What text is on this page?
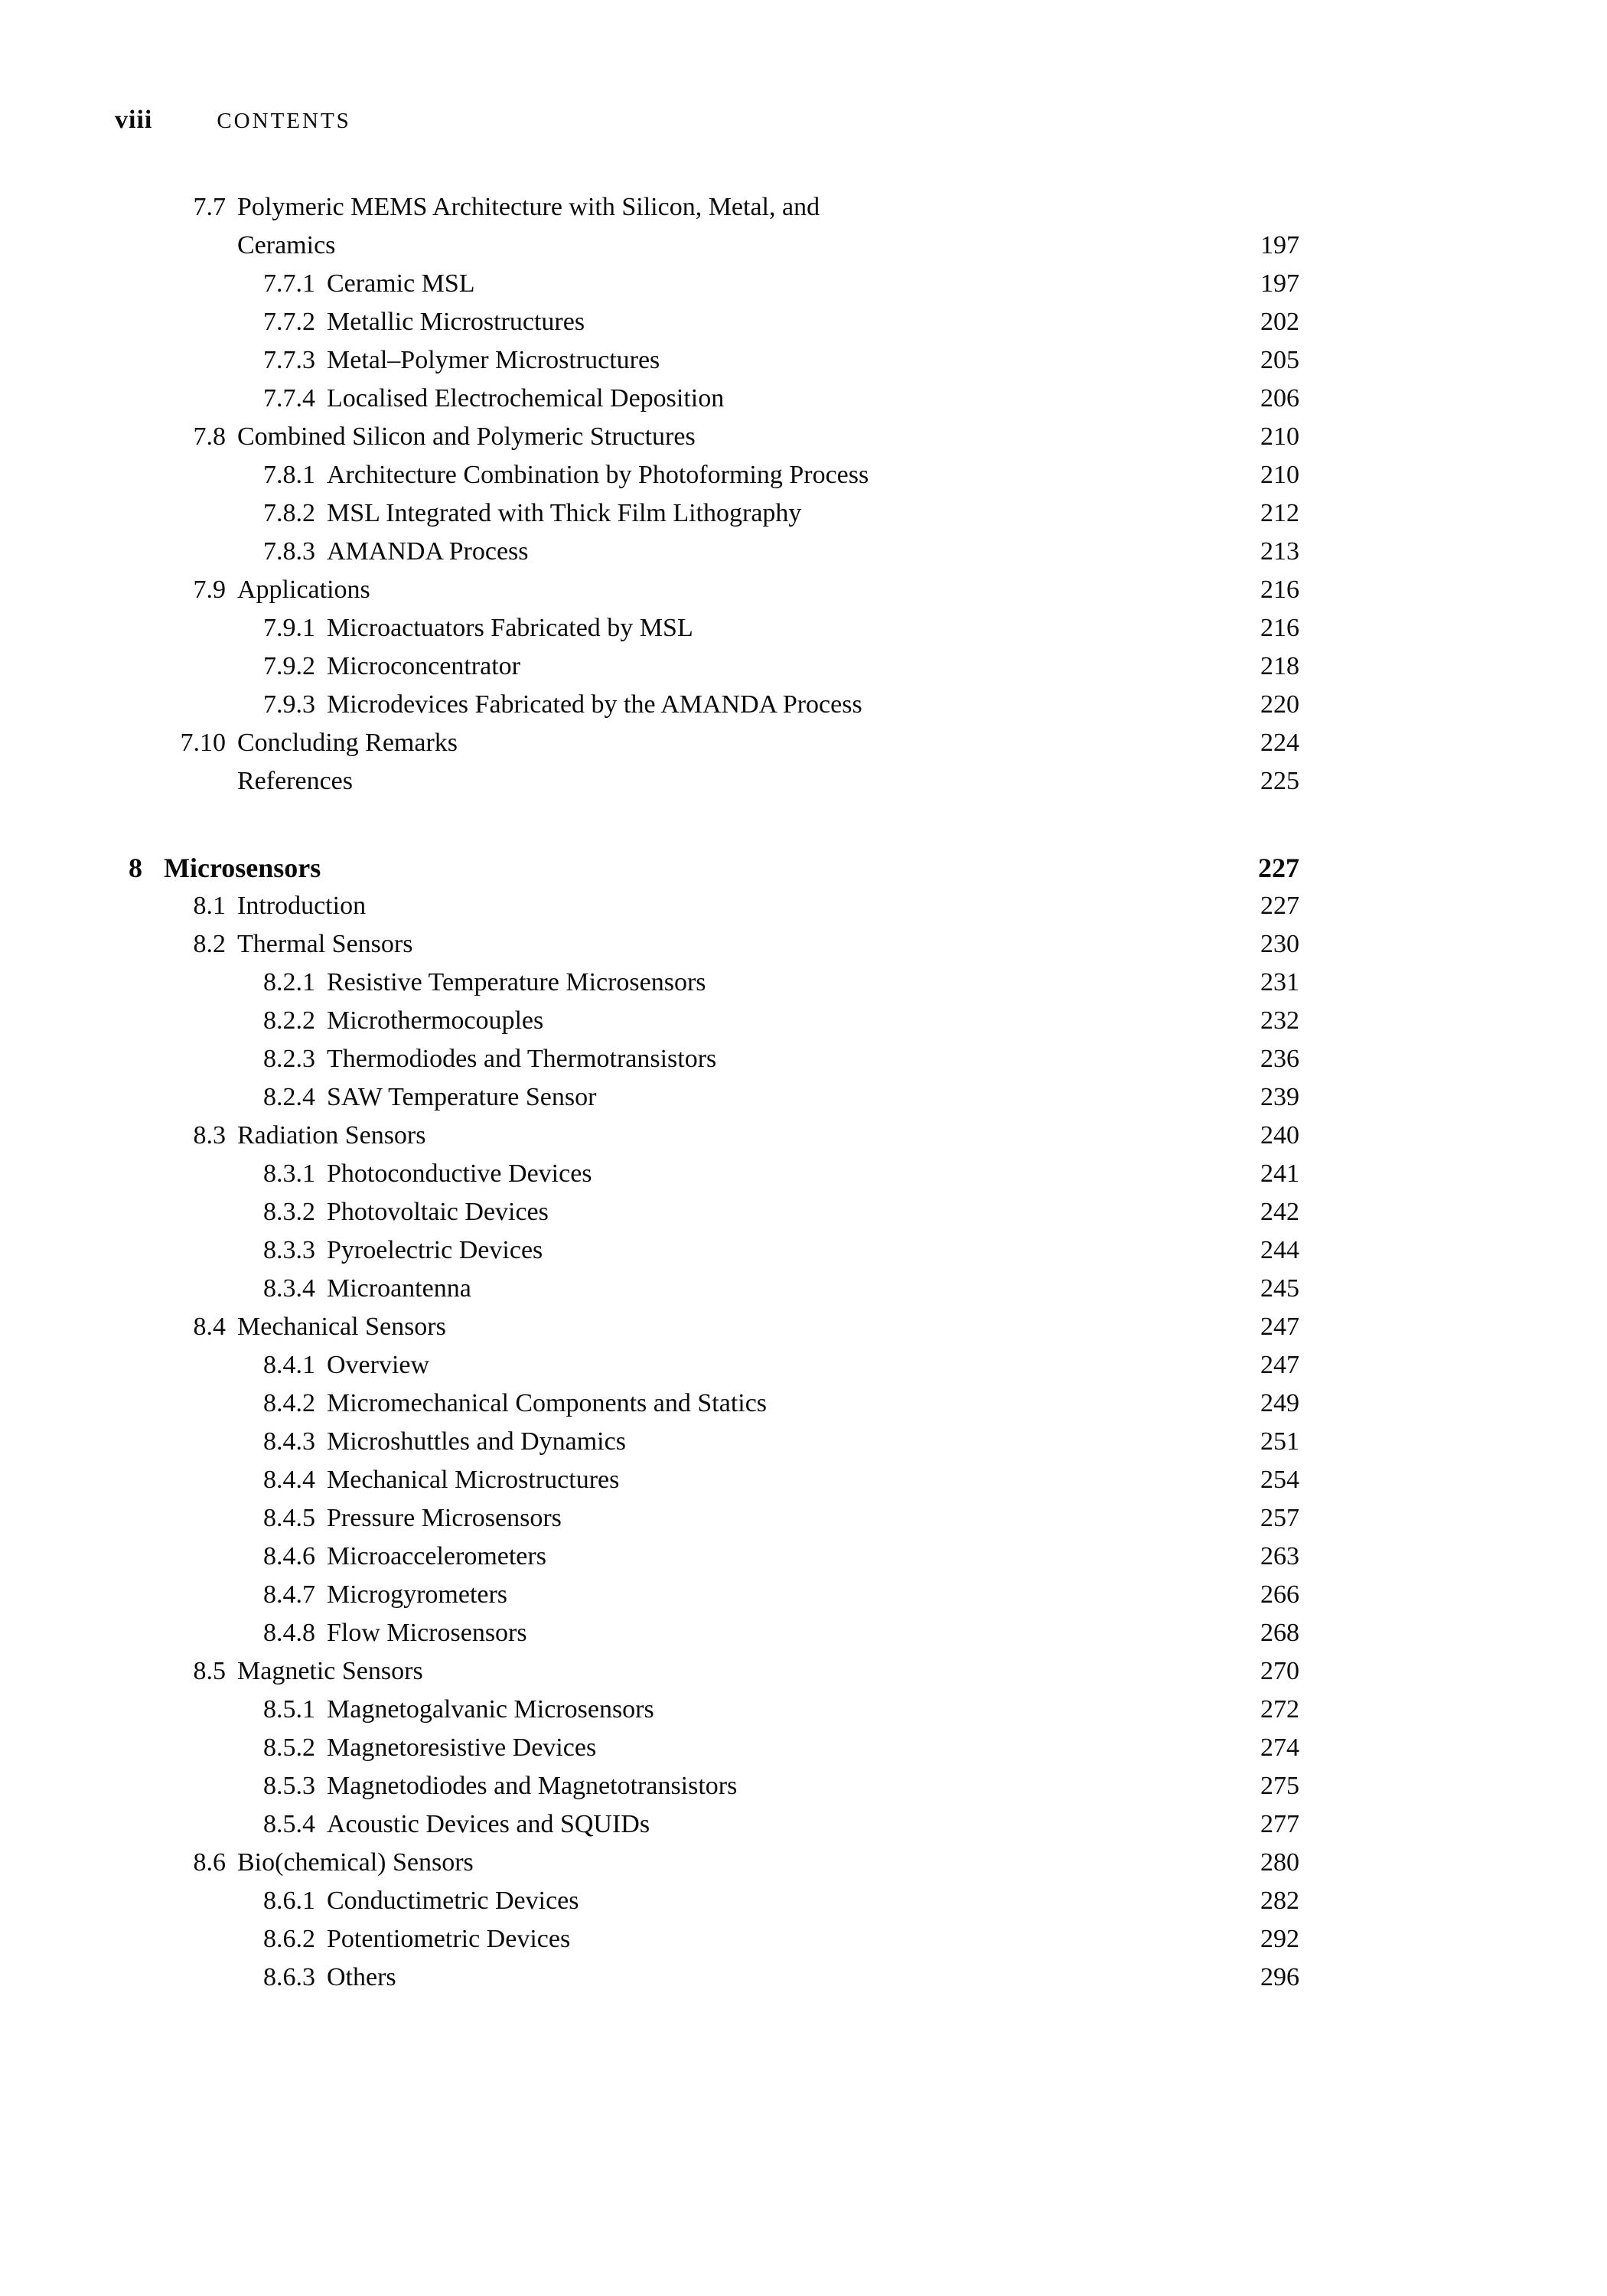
viii	CONTENTS
7.7 Polymeric MEMS Architecture with Silicon, Metal, and
Ceramics	197
7.7.1 Ceramic MSL	197
7.7.2 Metallic Microstructures	202
7.7.3 Metal–Polymer Microstructures	205
7.7.4 Localised Electrochemical Deposition	206
7.8 Combined Silicon and Polymeric Structures	210
7.8.1 Architecture Combination by Photoforming Process	210
7.8.2 MSL Integrated with Thick Film Lithography	212
7.8.3 AMANDA Process	213
7.9 Applications	216
7.9.1 Microactuators Fabricated by MSL	216
7.9.2 Microconcentrator	218
7.9.3 Microdevices Fabricated by the AMANDA Process	220
7.10 Concluding Remarks	224
References	225
8 Microsensors	227
8.1 Introduction	227
8.2 Thermal Sensors	230
8.2.1 Resistive Temperature Microsensors	231
8.2.2 Microthermocouples	232
8.2.3 Thermodiodes and Thermotransistors	236
8.2.4 SAW Temperature Sensor	239
8.3 Radiation Sensors	240
8.3.1 Photoconductive Devices	241
8.3.2 Photovoltaic Devices	242
8.3.3 Pyroelectric Devices	244
8.3.4 Microantenna	245
8.4 Mechanical Sensors	247
8.4.1 Overview	247
8.4.2 Micromechanical Components and Statics	249
8.4.3 Microshuttles and Dynamics	251
8.4.4 Mechanical Microstructures	254
8.4.5 Pressure Microsensors	257
8.4.6 Microaccelerometers	263
8.4.7 Microgyrometers	266
8.4.8 Flow Microsensors	268
8.5 Magnetic Sensors	270
8.5.1 Magnetogalvanic Microsensors	272
8.5.2 Magnetoresistive Devices	274
8.5.3 Magnetodiodes and Magnetotransistors	275
8.5.4 Acoustic Devices and SQUIDs	277
8.6 Bio(chemical) Sensors	280
8.6.1 Conductimetric Devices	282
8.6.2 Potentiometric Devices	292
8.6.3 Others	296
